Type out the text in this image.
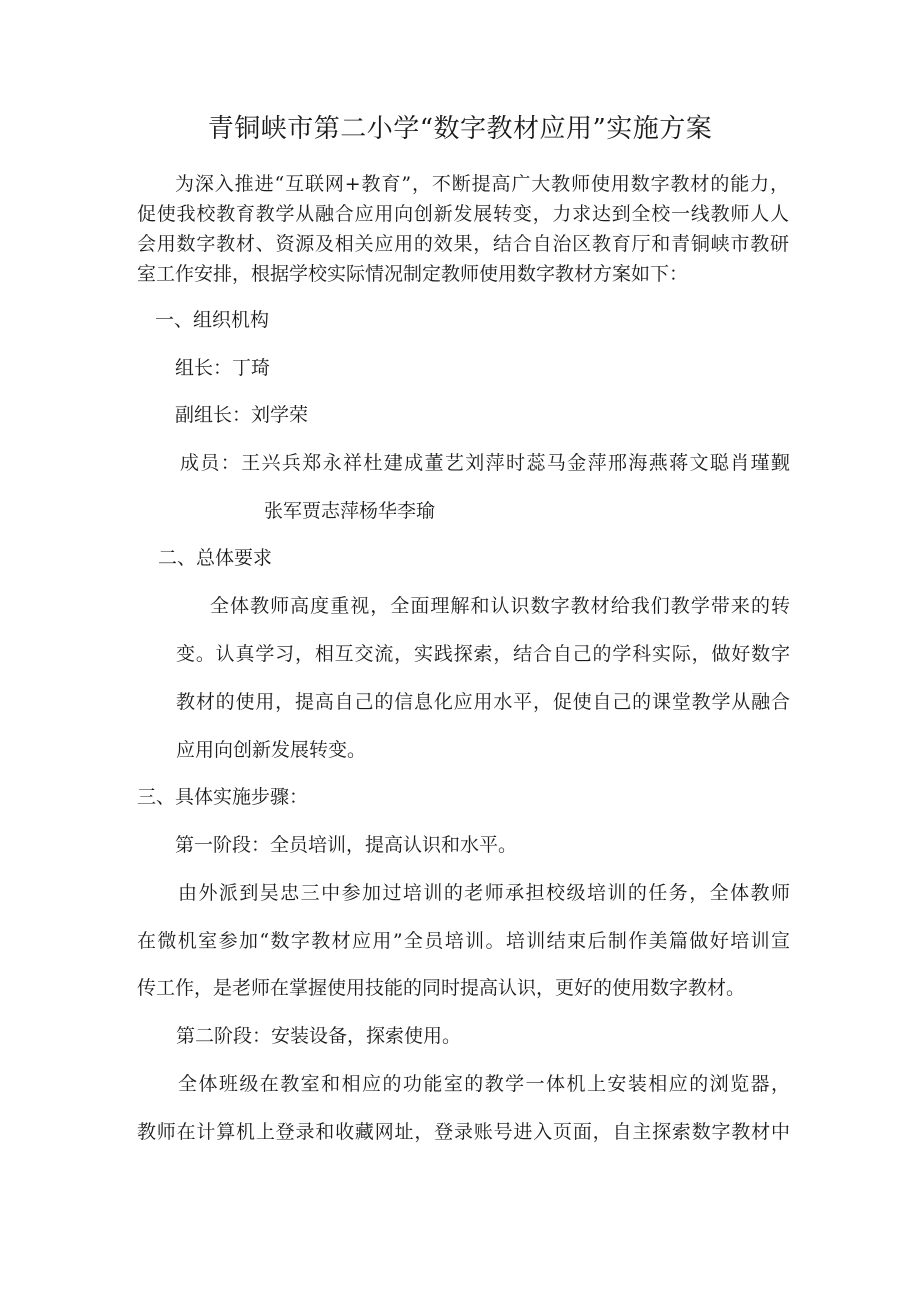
青铜峡市第二小学“数字教材应用”实施方案
为深入推进“互联网+教育”，不断提高广大教师使用数字教材的能力，
促使我校教育教学从融合应用向创新发展转变，力求达到全校一线教师人人
会用数字教材、资源及相关应用的效果，结合自治区教育厅和青铜峡市教研
室工作安排，根据学校实际情况制定教师使用数字教材方案如下：
一、组织机构
组长：丁琦
副组长：刘学荣
成员：王兴兵郑永祥杜建成董艺刘萍时蕊马金萍邢海燕蒋文聪肖瑾觐
张军贾志萍杨华李瑜
二、总体要求
全体教师高度重视，全面理解和认识数字教材给我们教学带来的转
变。认真学习，相互交流，实践探索，结合自己的学科实际，做好数字
教材的使用，提高自己的信息化应用水平，促使自己的课堂教学从融合
应用向创新发展转变。
三、具体实施步骤：
第一阶段：全员培训，提高认识和水平。
由外派到吴忠三中参加过培训的老师承担校级培训的任务，全体教师
在微机室参加“数字教材应用”全员培训。培训结束后制作美篇做好培训宣
传工作，是老师在掌握使用技能的同时提高认识，更好的使用数字教材。
第二阶段：安装设备，探索使用。
全体班级在教室和相应的功能室的教学一体机上安装相应的浏览器，
教师在计算机上登录和收藏网址，登录账号进入页面，自主探索数字教材中
